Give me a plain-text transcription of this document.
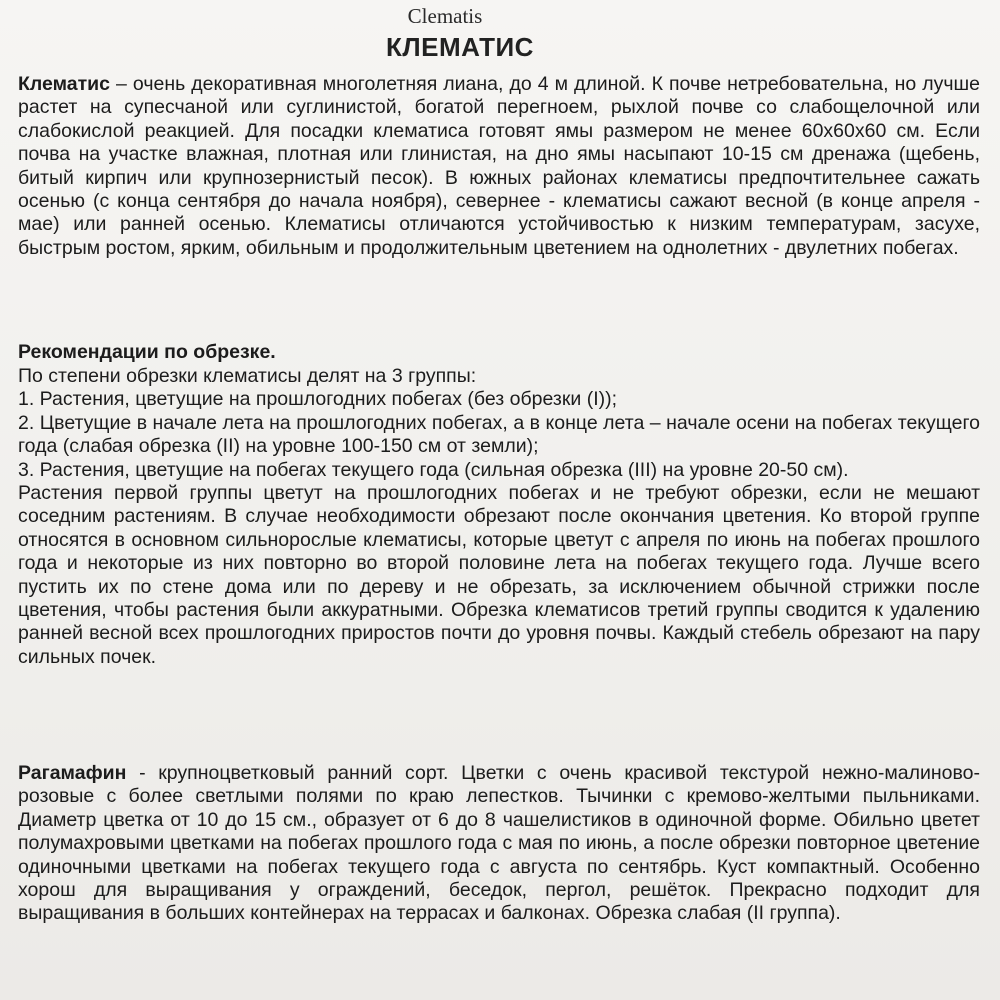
Clematis
КЛЕМАТИС
Клематис – очень декоративная многолетняя лиана, до 4 м длиной. К почве нетребовательна, но лучше растет на супесчаной или суглинистой, богатой перегноем, рыхлой почве со слабощелочной или слабокислой реакцией. Для посадки клематиса готовят ямы размером не менее 60х60х60 см. Если почва на участке влажная, плотная или глинистая, на дно ямы насыпают 10-15 см дренажа (щебень, битый кирпич или крупнозернистый песок). В южных районах клематисы предпочтительнее сажать осенью (с конца сентября до начала ноября), севернее - клематисы сажают весной (в конце апреля - мае) или ранней осенью. Клематисы отличаются устойчивостью к низким температурам, засухе, быстрым ростом, ярким, обильным и продолжительным цветением на однолетних - двулетних побегах.
Рекомендации по обрезке.

По степени обрезки клематисы делят на 3 группы:

1. Растения, цветущие на прошлогодних побегах (без обрезки (I));

2. Цветущие в начале лета на прошлогодних побегах, а в конце лета – начале осени на побегах текущего года (слабая обрезка (II) на уровне 100-150 см от земли);

3. Растения, цветущие на побегах текущего года (сильная обрезка (III) на уровне 20-50 см).

Растения первой группы цветут на прошлогодних побегах и не требуют обрезки, если не мешают соседним растениям. В случае необходимости обрезают после окончания цветения. Ко второй группе относятся в основном сильнорослые клематисы, которые цветут с апреля по июнь на побегах прошлого года и некоторые из них повторно во второй половине лета на побегах текущего года. Лучше всего пустить их по стене дома или по дереву и не обрезать, за исключением обычной стрижки после цветения, чтобы растения были аккуратными. Обрезка клематисов третий группы сводится к удалению ранней весной всех прошлогодних приростов почти до уровня почвы. Каждый стебель обрезают на пару сильных почек.

Рагамафин - крупноцветковый ранний сорт. Цветки с очень красивой текстурой нежно-малиново-розовые с более светлыми полями по краю лепестков. Тычинки с кремово-желтыми пыльниками. Диаметр цветка от 10 до 15 см., образует от 6 до 8 чашелистиков в одиночной форме. Обильно цветет полумахровыми цветками на побегах прошлого года с мая по июнь, а после обрезки повторное цветение одиночными цветками на побегах текущего года с августа по сентябрь. Куст компактный. Особенно хорош для выращивания у ограждений, беседок, пергол, решёток. Прекрасно подходит для выращивания в больших контейнерах на террасах и балконах. Обрезка слабая (II группа).
